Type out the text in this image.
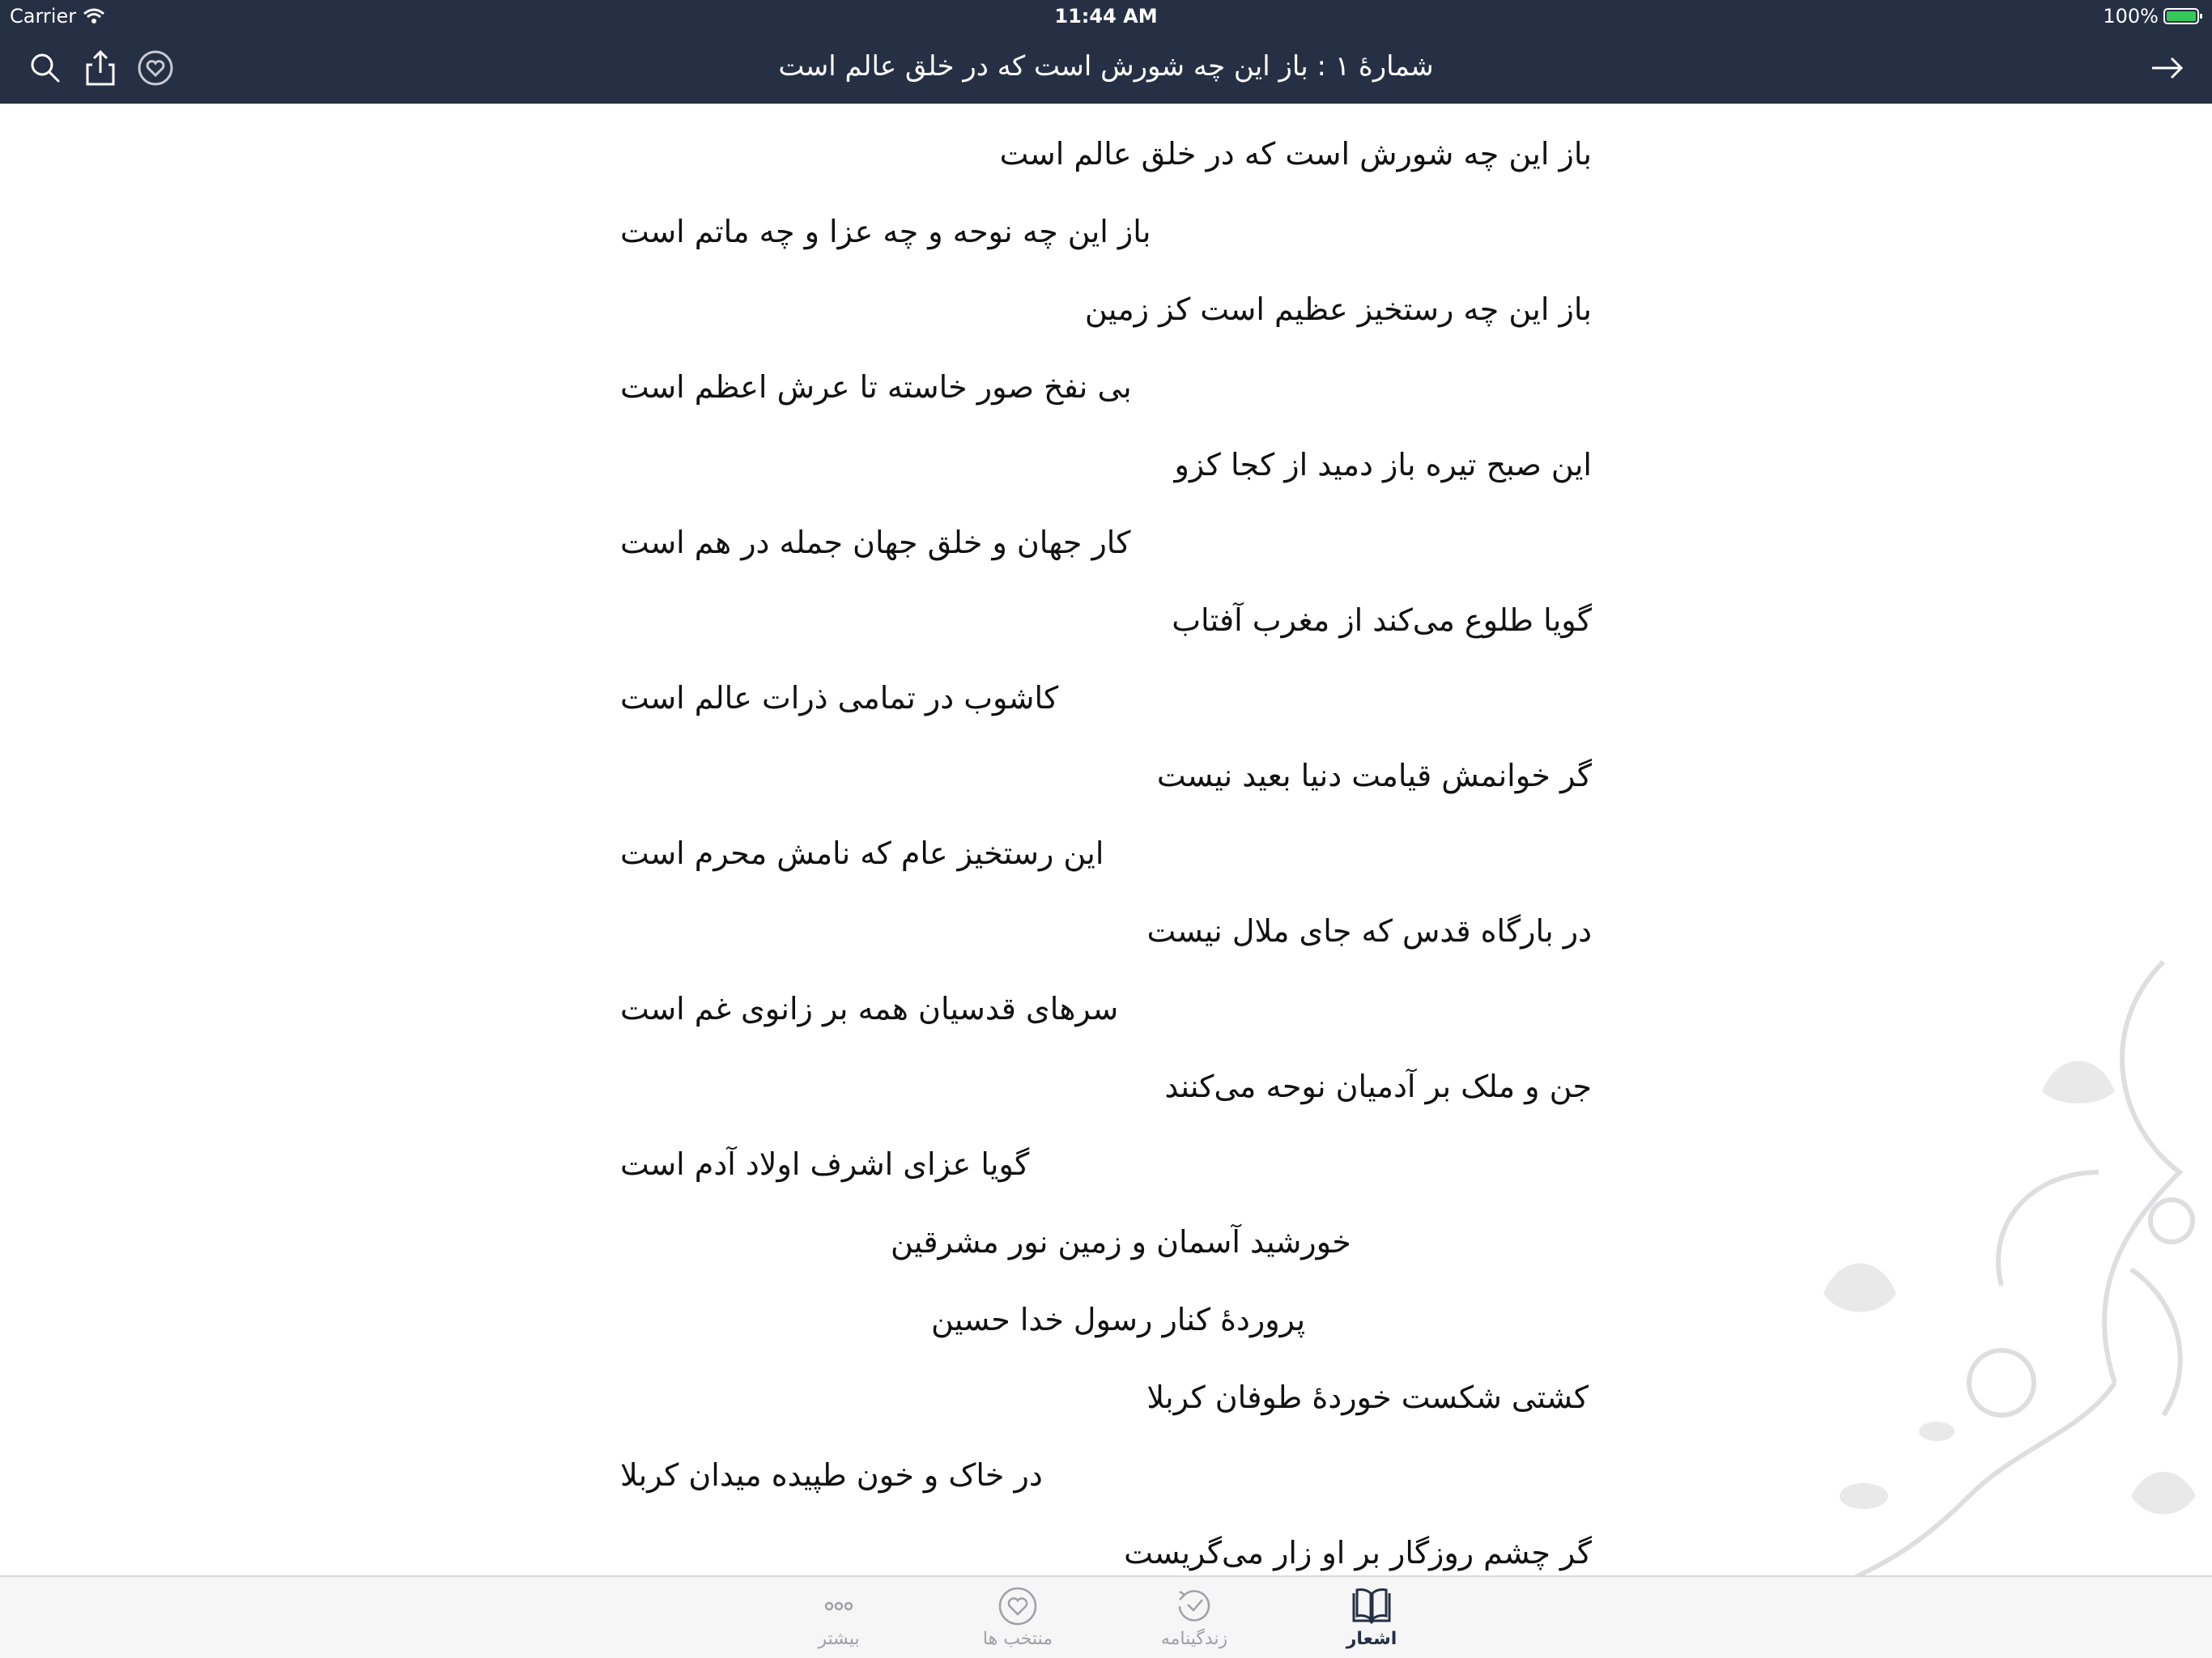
Carrier	11:44 AM	100%
شمارهٔ ۱ : باز این چه شورش است که در خلق عالم است
باز این چه شورش است که در خلق عالم است
باز این چه نوحه و چه عزا و چه ماتم است
باز این چه رستخیز عظیم است کز زمین
بی نفخ صور خاسته تا عرش اعظم است
این صبح تیره باز دمید از کجا کزو
کار جهان و خلق جهان جمله در هم است
گویا طلوع می‌کند از مغرب آفتاب
کاشوب در تمامی ذرات عالم است
گر خوانمش قیامت دنیا بعید نیست
این رستخیز عام که نامش محرم است
در بارگاه قدس که جای ملال نیست
سرهای قدسیان همه بر زانوی غم است
جن و ملک بر آدمیان نوحه می‌کنند
گویا عزای اشرف اولاد آدم است
خورشید آسمان و زمین نور مشرقین
پروردهٔ کنار رسول خدا حسین
کشتی شکست خوردهٔ طوفان کربلا
در خاک و خون طپیده میدان کربلا
گر چشم روزگار بر او زار می‌گریست
بیشتر	منتخب ها	زندگینامه	اشعار
